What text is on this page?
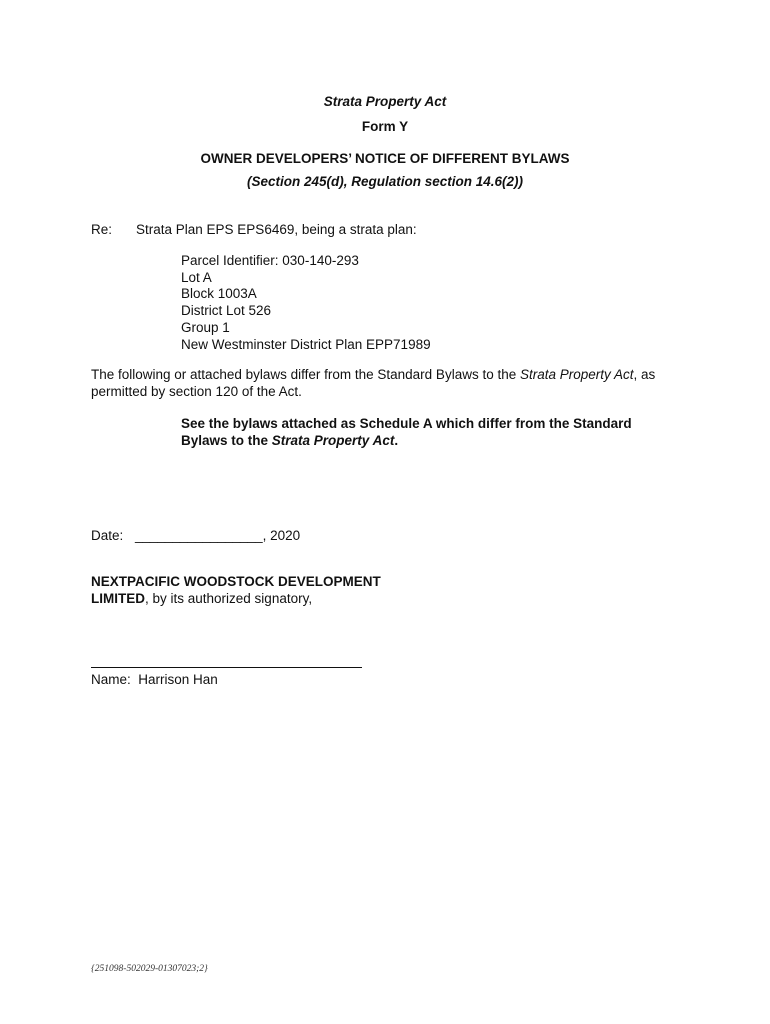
Strata Property Act
Form Y
OWNER DEVELOPERS’ NOTICE OF DIFFERENT BYLAWS
(Section 245(d), Regulation section 14.6(2))
Re: Strata Plan EPS EPS6469, being a strata plan:
Parcel Identifier: 030-140-293
Lot A
Block 1003A
District Lot 526
Group 1
New Westminster District Plan EPP71989
The following or attached bylaws differ from the Standard Bylaws to the Strata Property Act, as
permitted by section 120 of the Act.
See the bylaws attached as Schedule A which differ from the Standard
Bylaws to the Strata Property Act.
Date: _________________, 2020
NEXTPACIFIC WOODSTOCK DEVELOPMENT
LIMITED, by its authorized signatory,
Name: Harrison Han
{251098-502029-01307023;2}
